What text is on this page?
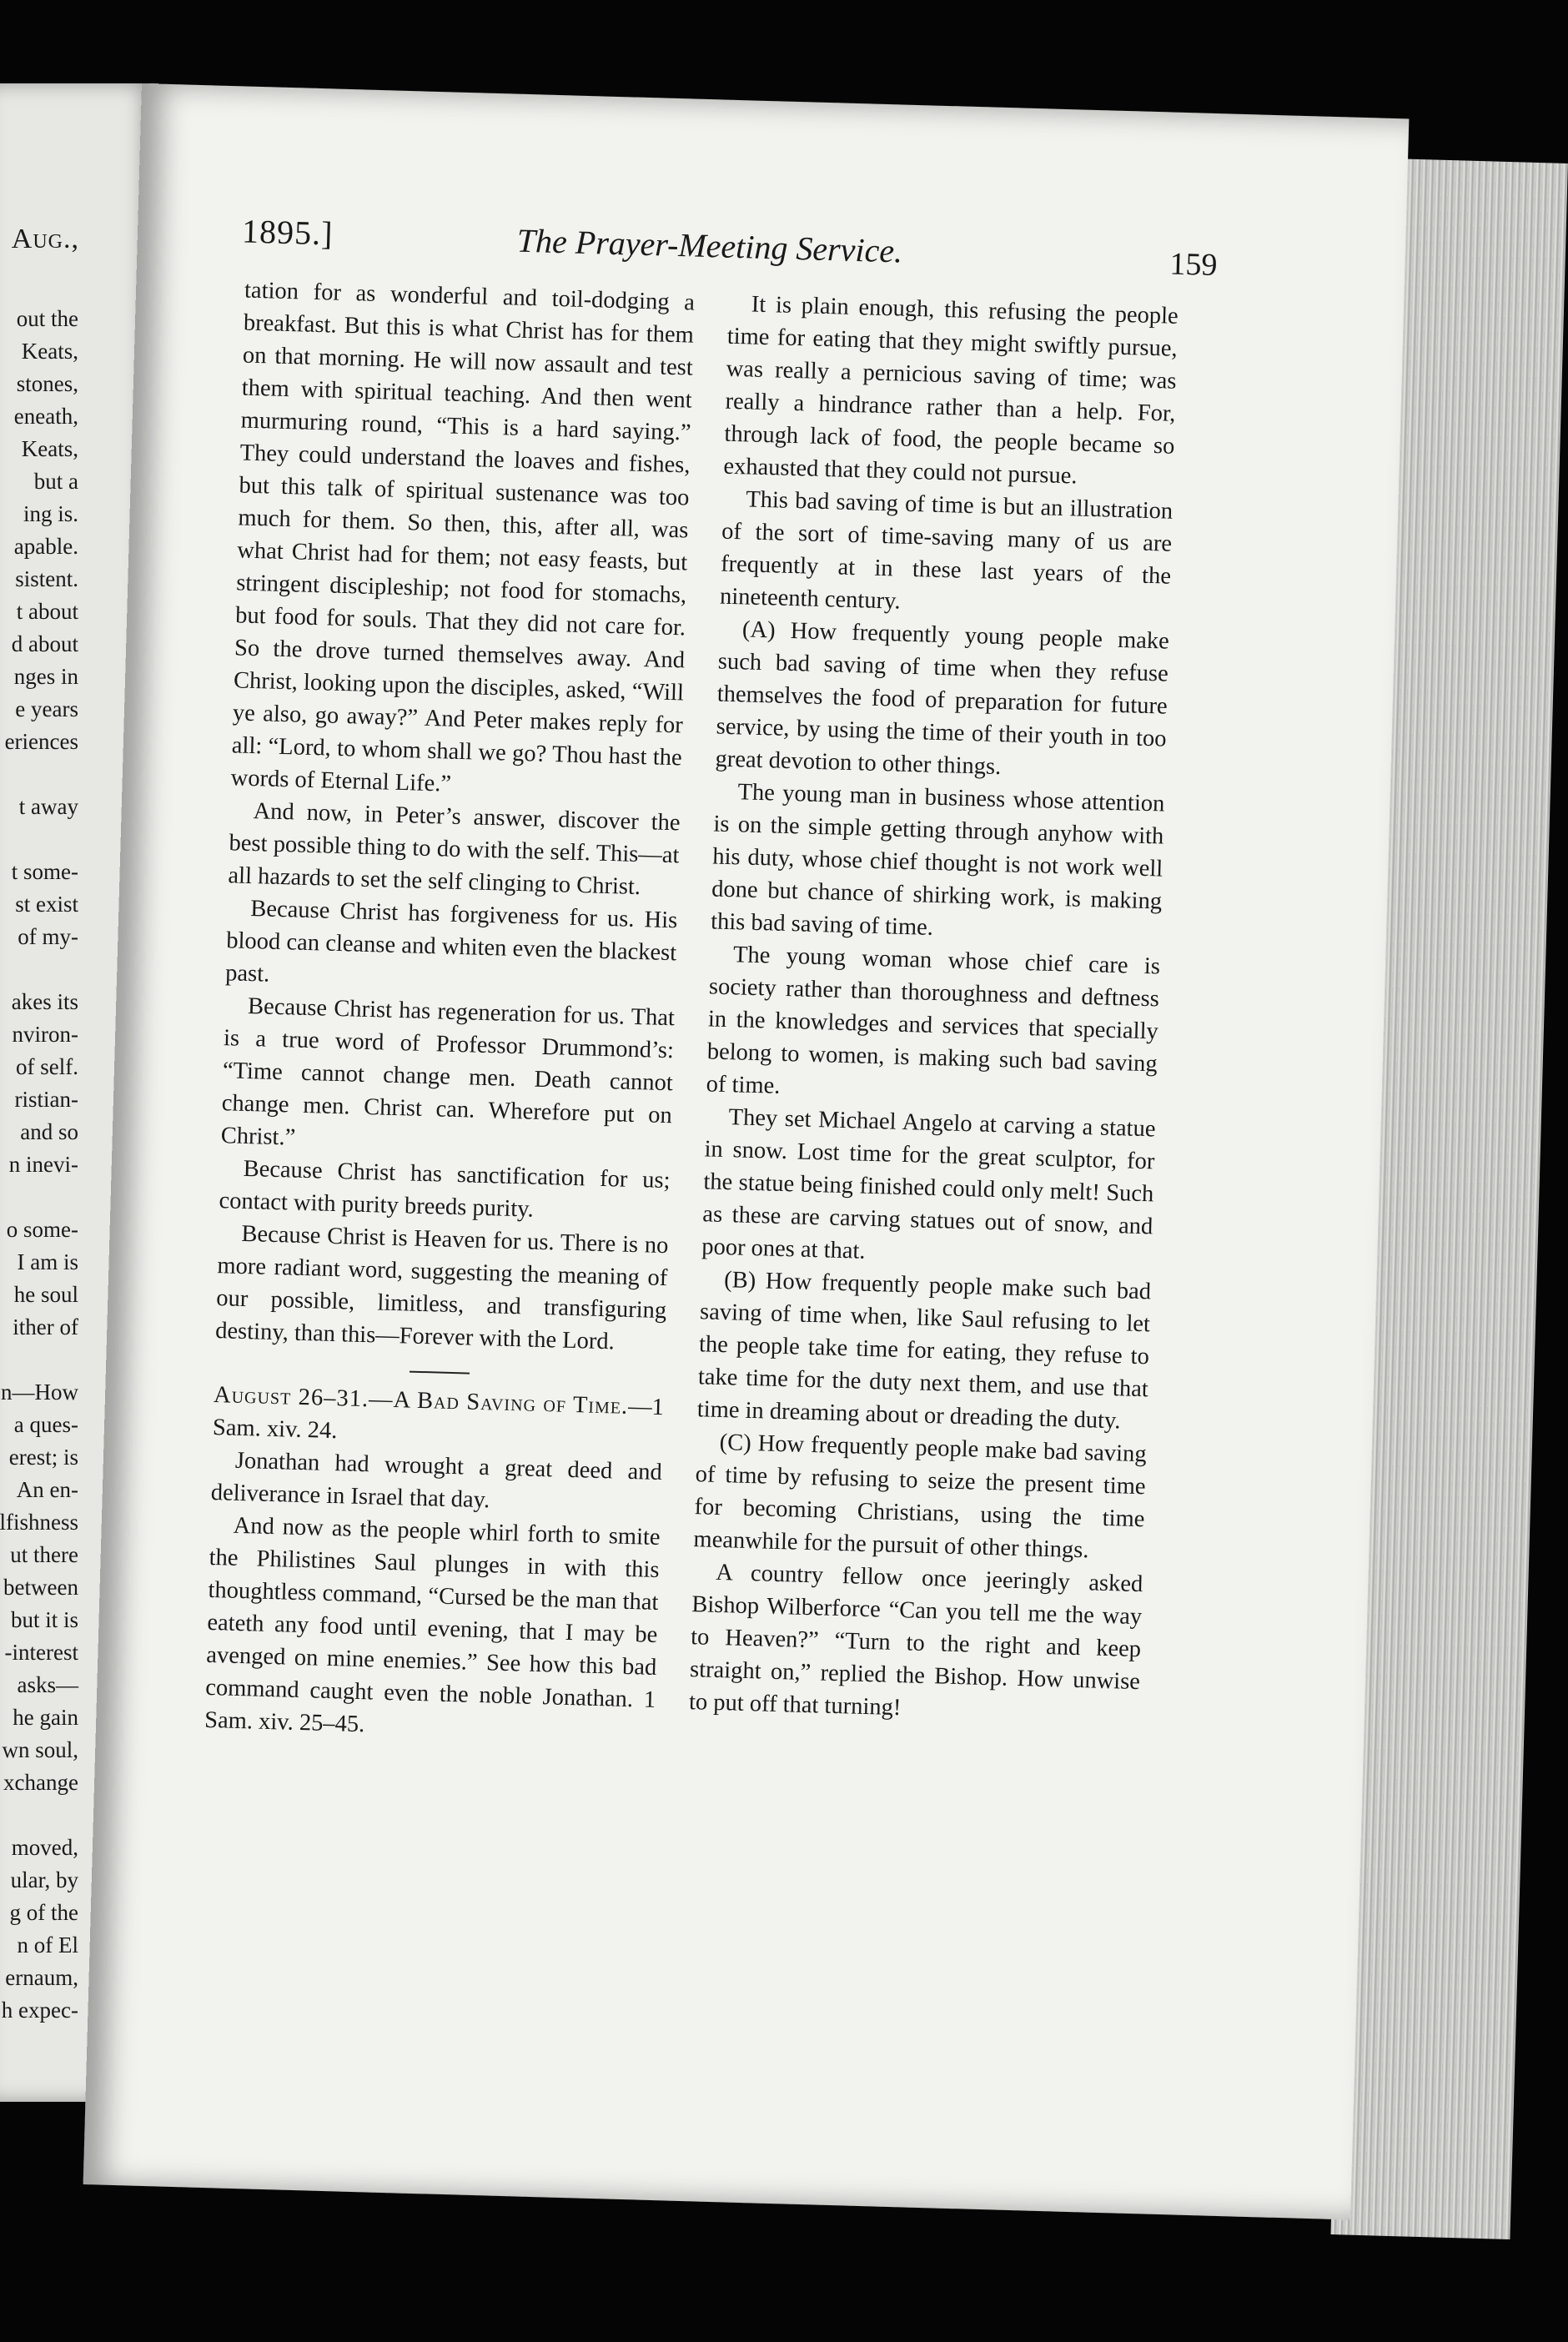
Aug.,
out the
Keats,
stones,
eneath,
Keats,
but a
ing is.
apable.
sistent.
t about
d about
nges in
e years
eriences
t away
t some-
st exist
of my-
akes its
nviron-
of self.
ristian-
and so
n inevi-
o some-
I am is
he soul
ither of
n—How
a ques-
erest; is
An en-
lfishness
ut there
between
but it is
-interest
asks—
he gain
wn soul,
xchange
moved,
ular, by
g of the
n of El
ernaum,
h expec-
1895.]	The Prayer-Meeting Service.	159

tation for as wonderful and toil-dodging a breakfast. But this is what Christ has for them on that morning. He will now assault and test them with spiritual teaching. And then went murmuring round, “This is a hard saying.” They could understand the loaves and fishes, but this talk of spiritual sustenance was too much for them. So then, this, after all, was what Christ had for them; not easy feasts, but stringent discipleship; not food for stomachs, but food for souls. That they did not care for. So the drove turned themselves away. And Christ, looking upon the disciples, asked, “Will ye also, go away?” And Peter makes reply for all: “Lord, to whom shall we go? Thou hast the words of Eternal Life.”

And now, in Peter’s answer, discover the best possible thing to do with the self. This—at all hazards to set the self clinging to Christ.

Because Christ has forgiveness for us. His blood can cleanse and whiten even the blackest past.

Because Christ has regeneration for us. That is a true word of Professor Drummond’s: “Time cannot change men. Death cannot change men. Christ can. Wherefore put on Christ.”

Because Christ has sanctification for us; contact with purity breeds purity.

Because Christ is Heaven for us. There is no more radiant word, suggesting the meaning of our possible, limitless, and transfiguring destiny, than this—Forever with the Lord.

August 26–31.—A Bad Saving of Time.—1 Sam. xiv. 24.

Jonathan had wrought a great deed and deliverance in Israel that day.

And now as the people whirl forth to smite the Philistines Saul plunges in with this thoughtless command, “Cursed be the man that eateth any food until evening, that I may be avenged on mine enemies.” See how this bad command caught even the noble Jonathan. 1 Sam. xiv. 25–45.

It is plain enough, this refusing the people time for eating that they might swiftly pursue, was really a pernicious saving of time; was really a hindrance rather than a help. For, through lack of food, the people became so exhausted that they could not pursue.

This bad saving of time is but an illustration of the sort of time-saving many of us are frequently at in these last years of the nineteenth century.

(A) How frequently young people make such bad saving of time when they refuse themselves the food of preparation for future service, by using the time of their youth in too great devotion to other things.

The young man in business whose attention is on the simple getting through anyhow with his duty, whose chief thought is not work well done but chance of shirking work, is making this bad saving of time.

The young woman whose chief care is society rather than thoroughness and deftness in the knowledges and services that specially belong to women, is making such bad saving of time.

They set Michael Angelo at carving a statue in snow. Lost time for the great sculptor, for the statue being finished could only melt! Such as these are carving statues out of snow, and poor ones at that.

(B) How frequently people make such bad saving of time when, like Saul refusing to let the people take time for eating, they refuse to take time for the duty next them, and use that time in dreaming about or dreading the duty.

(C) How frequently people make bad saving of time by refusing to seize the present time for becoming Christians, using the time meanwhile for the pursuit of other things.

A country fellow once jeeringly asked Bishop Wilberforce “Can you tell me the way to Heaven?” “Turn to the right and keep straight on,” replied the Bishop. How unwise to put off that turning!
